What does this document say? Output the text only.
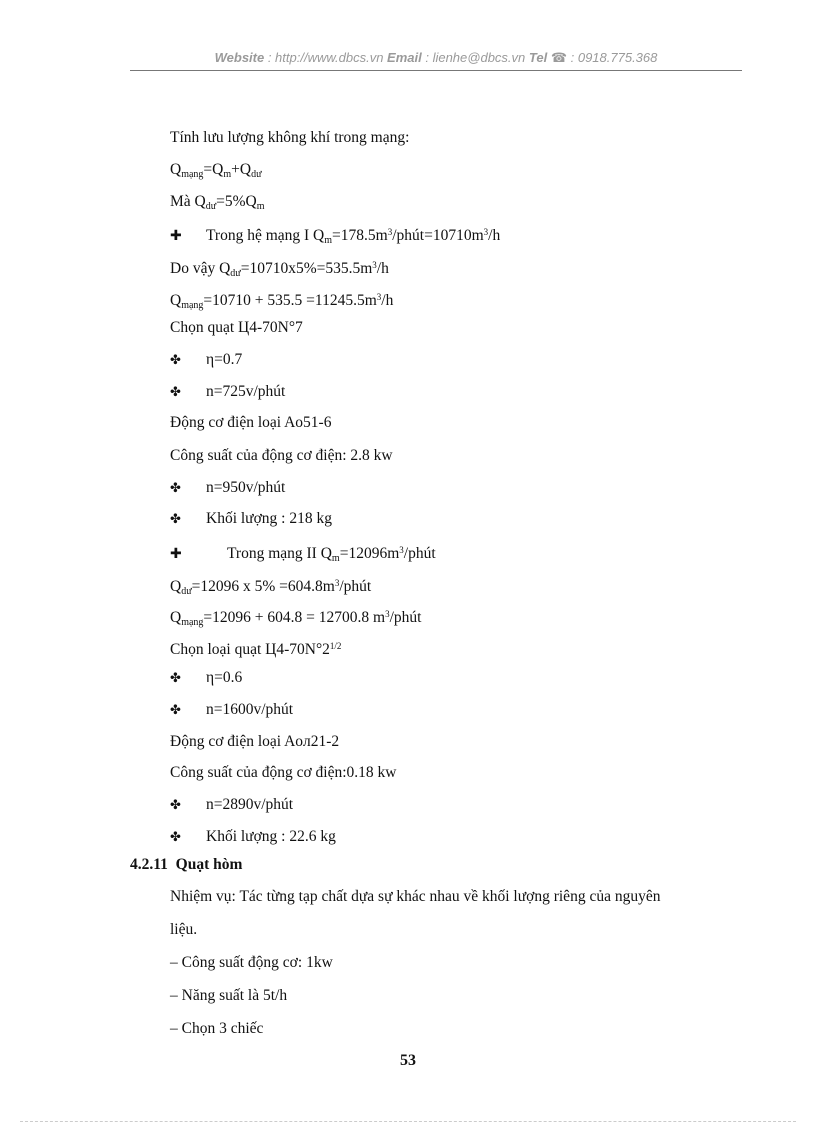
Website : http://www.dbcs.vn Email : lienhe@dbcs.vn Tel ☎ : 0918.775.368
Tính lưu lượng không khí trong mạng:
$Q_{mạng}=Q_m+Q_{dư}$
Mà $Q_{dư}=5\%Q_m$
✚ Trong hệ mạng I $Q_m=178.5m^3/phút=10710m^3/h$
Do vậy $Q_{dư}=10710x5\%=535.5m^3/h$
$Q_{mạng}=10710 + 535.5 =11245.5m^3/h$
Chọn quạt Ц4-70N°7
✤ η=0.7
✤ n=725v/phút
Động cơ điện loại Ao51-6
Công suất của động cơ điện: 2.8 kw
✤ n=950v/phút
✤ Khối lượng : 218 kg
✚	Trong mạng II $Q_m=12096m^3$/phút
$Q_{dư}=12096$ x $5\% =604.8m^3$/phút
$Q_{mạng}=12096 + 604.8 = 12700.8$ $m^3$/phút
Chọn loại quạt $Ц4-70N^\circ 2^{1/2}$
✤ η=0.6
✤ n=1600v/phút
Động cơ điện loại Aoл21-2
Công suất của động cơ điện:0.18 kw
✤ n=2890v/phút
✤ Khối lượng : 22.6 kg
4.2.11 Quạt hòm
Nhiệm vụ: Tác từng tạp chất dựa sự khác nhau về khối lượng riêng của nguyên
liệu.
– Công suất động cơ: 1kw
– Năng suất là 5t/h
– Chọn 3 chiếc
53
